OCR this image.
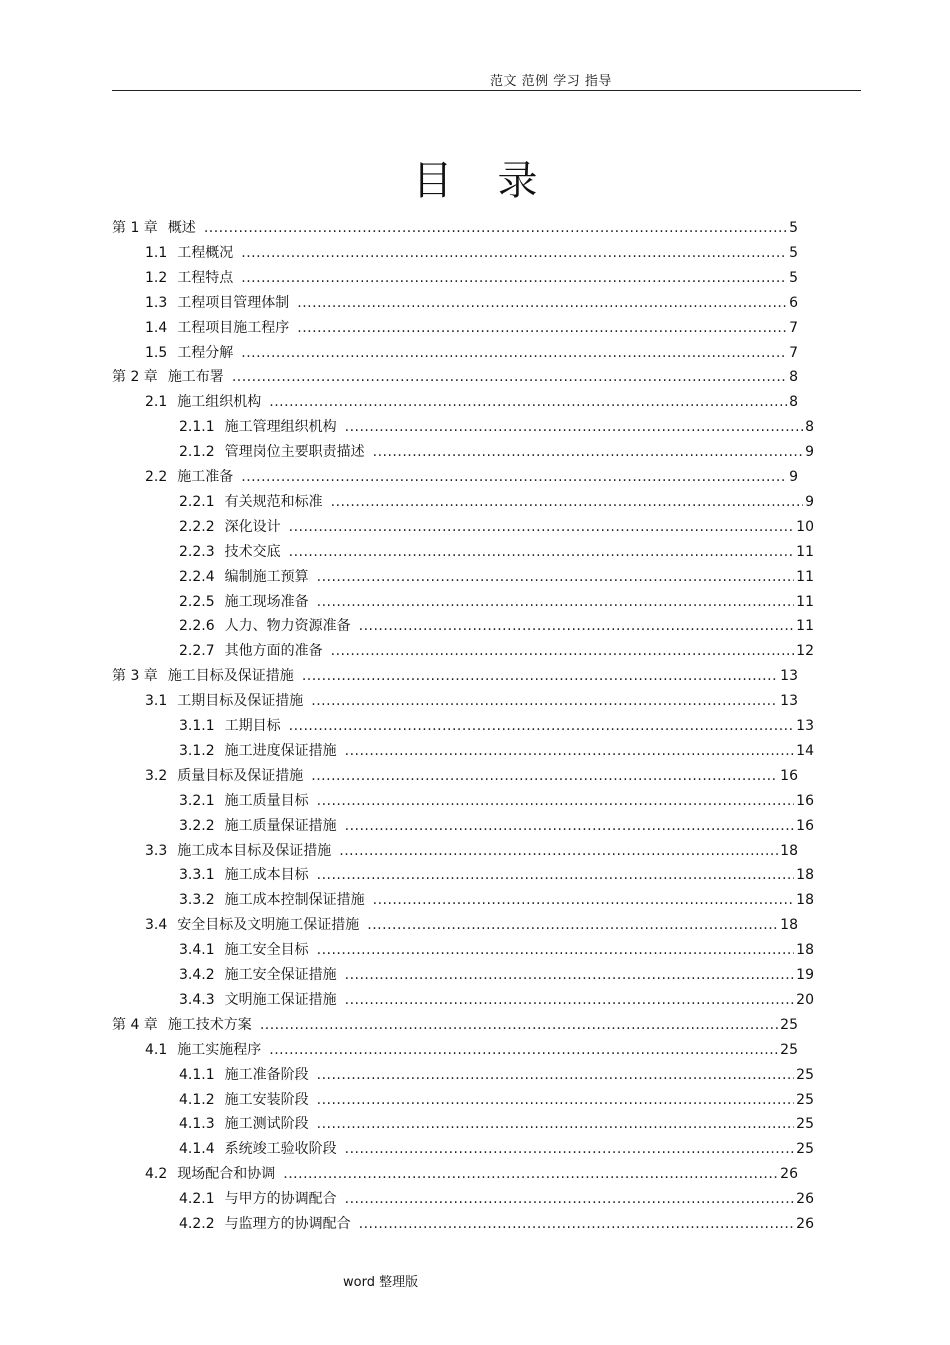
范文 范例 学习 指导
目录
第 1 章 概述 .....	5
1.1 工程概况 .....	5
1.2 工程特点 .....	5
1.3 工程项目管理体制 .....	6
1.4 工程项目施工程序 .....	7
1.5 工程分解 .....	7
第 2 章 施工布署 .....	8
2.1 施工组织机构 .....	8
2.1.1 施工管理组织机构 .....	8
2.1.2 管理岗位主要职责描述 .....	9
2.2 施工准备 .....	9
2.2.1 有关规范和标准 .....	9
2.2.2 深化设计 .....	10
2.2.3 技术交底 .....	11
2.2.4 编制施工预算 .....	11
2.2.5 施工现场准备 .....	11
2.2.6 人力、物力资源准备 .....	11
2.2.7 其他方面的准备 .....	12
第 3 章 施工目标及保证措施 .....	13
3.1 工期目标及保证措施 .....	13
3.1.1 工期目标 .....	13
3.1.2 施工进度保证措施 .....	14
3.2 质量目标及保证措施 .....	16
3.2.1 施工质量目标 .....	16
3.2.2 施工质量保证措施 .....	16
3.3 施工成本目标及保证措施 .....	18
3.3.1 施工成本目标 .....	18
3.3.2 施工成本控制保证措施 .....	18
3.4 安全目标及文明施工保证措施 .....	18
3.4.1 施工安全目标 .....	18
3.4.2 施工安全保证措施 .....	19
3.4.3 文明施工保证措施 .....	20
第 4 章 施工技术方案 .....	25
4.1 施工实施程序 .....	25
4.1.1 施工准备阶段 .....	25
4.1.2 施工安装阶段 .....	25
4.1.3 施工测试阶段 .....	25
4.1.4 系统竣工验收阶段 .....	25
4.2 现场配合和协调 .....	26
4.2.1 与甲方的协调配合 .....	26
4.2.2 与监理方的协调配合 .....	26
word 整理版
